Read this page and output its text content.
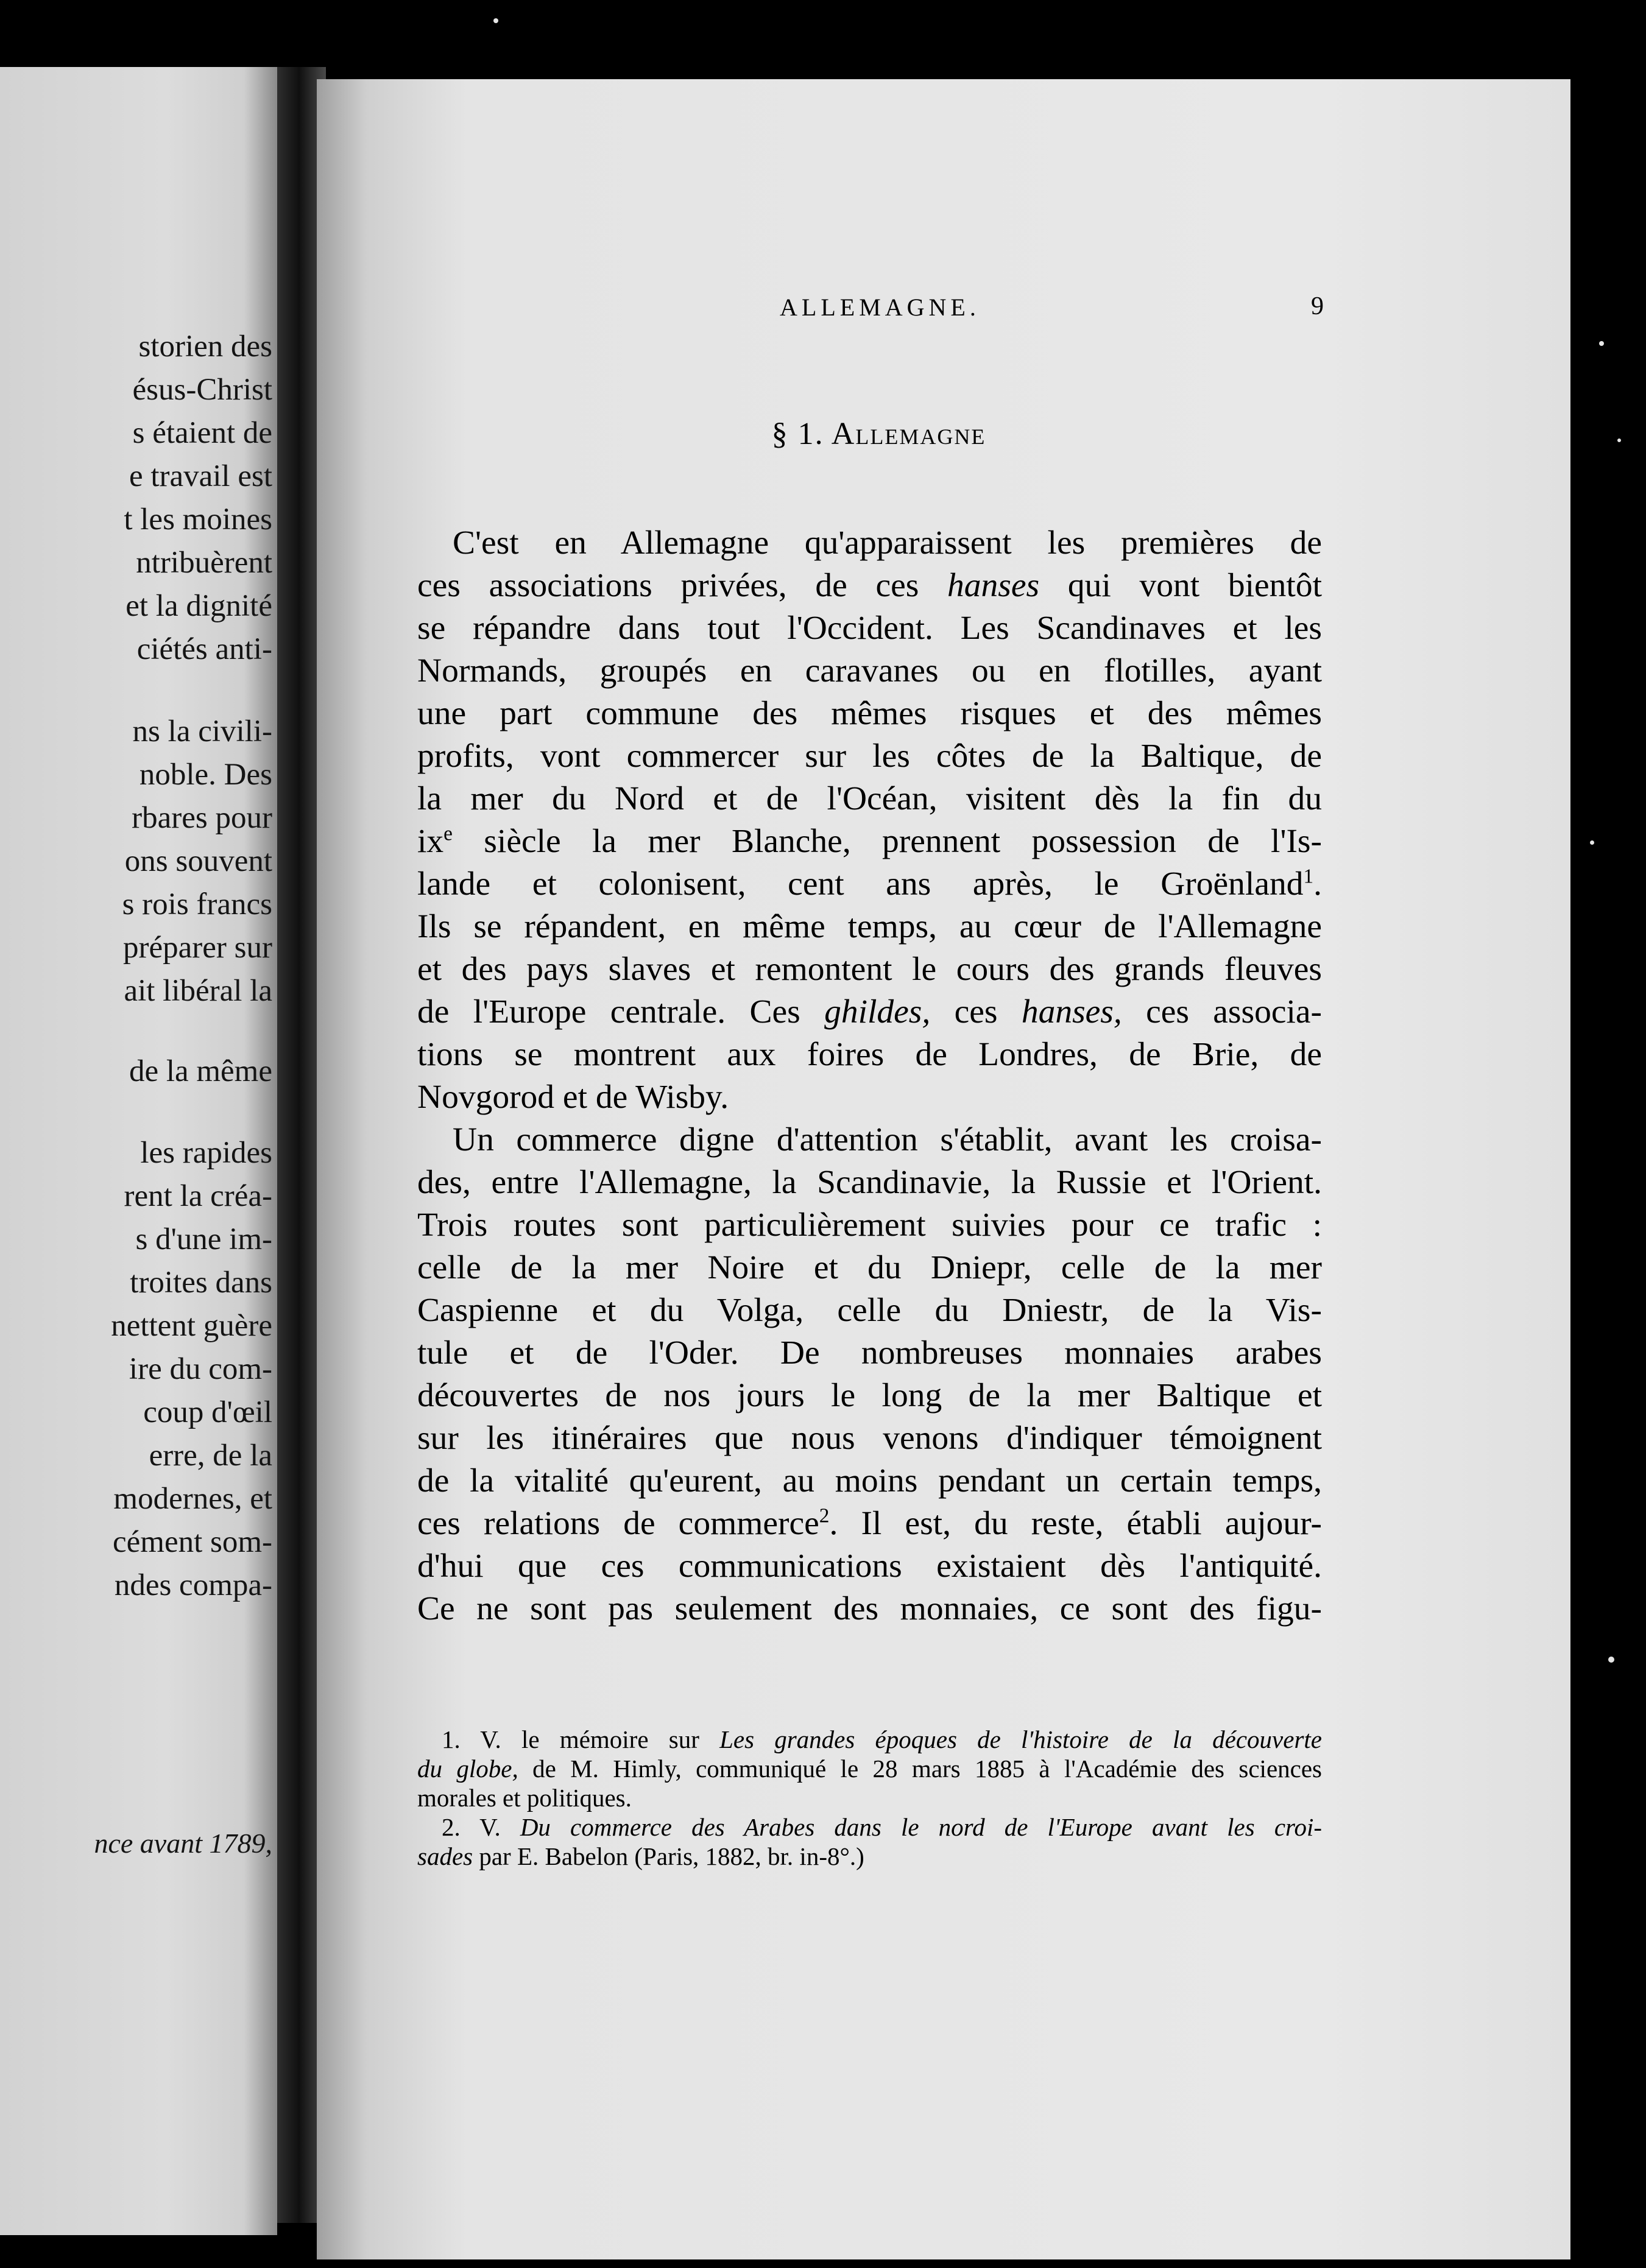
storien des
ésus-Christ
s étaient de
e travail est
t les moines
ntribuèrent
et la dignité
ciétés anti-
ns la civili-
noble. Des
rbares pour
ons souvent
s rois francs
préparer sur
ait libéral la
de la même
les rapides
rent la créa-
s d'une im-
troites dans
nettent guère
ire du com-
coup d'œil
erre, de la
modernes, et
cément som-
ndes compa-
nce avant 1789,
ALLEMAGNE.	9
§ 1. Allemagne
C'est en Allemagne qu'apparaissent les premières de
ces associations privées, de ces hanses qui vont bientôt
se répandre dans tout l'Occident. Les Scandinaves et les
Normands, groupés en caravanes ou en flotilles, ayant
une part commune des mêmes risques et des mêmes
profits, vont commercer sur les côtes de la Baltique, de
la mer du Nord et de l'Océan, visitent dès la fin du
$ix^e$ siècle la mer Blanche, prennent possession de l'Is-
lande et colonisent, cent ans après, le Groënland$^1$.
Ils se répandent, en même temps, au cœur de l'Allemagne
et des pays slaves et remontent le cours des grands fleuves
de l'Europe centrale. Ces ghildes, ces hanses, ces associa-
tions se montrent aux foires de Londres, de Brie, de
Novgorod et de Wisby.
Un commerce digne d'attention s'établit, avant les croisa-
des, entre l'Allemagne, la Scandinavie, la Russie et l'Orient.
Trois routes sont particulièrement suivies pour ce trafic :
celle de la mer Noire et du Dniepr, celle de la mer
Caspienne et du Volga, celle du Dniestr, de la Vis-
tule et de l'Oder. De nombreuses monnaies arabes
découvertes de nos jours le long de la mer Baltique et
sur les itinéraires que nous venons d'indiquer témoignent
de la vitalité qu'eurent, au moins pendant un certain temps,
ces relations de commerce$^2$. Il est, du reste, établi aujour-
d'hui que ces communications existaient dès l'antiquité.
Ce ne sont pas seulement des monnaies, ce sont des figu-
1. V. le mémoire sur Les grandes époques de l'histoire de la découverte
du globe, de M. Himly, communiqué le 28 mars 1885 à l'Académie des sciences
morales et politiques.
2. V. Du commerce des Arabes dans le nord de l'Europe avant les croi-
sades par E. Babelon (Paris, 1882, br. in-8°.)
